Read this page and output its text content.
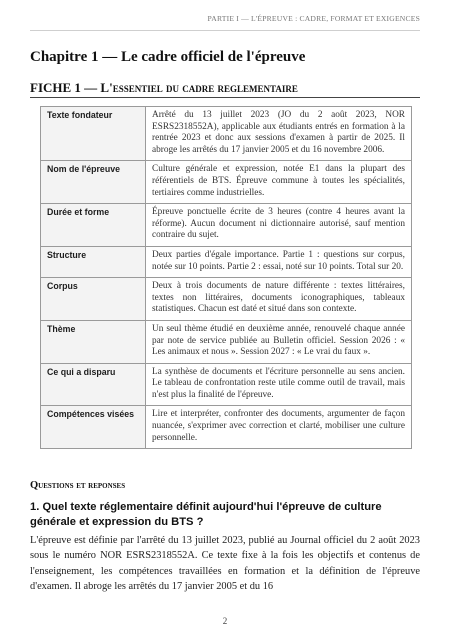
PARTIE I — L'ÉPREUVE : CADRE, FORMAT ET EXIGENCES
Chapitre 1 — Le cadre officiel de l'épreuve
FICHE 1 — L'essentiel du cadre reglementaire
Texte fondateur	Arrêté du 13 juillet 2023 (JO du 2 août 2023, NOR ESRS2318552A), applicable aux étudiants entrés en formation à la rentrée 2023 et donc aux sessions d'examen à partir de 2025. Il abroge les arrêtés du 17 janvier 2005 et du 16 novembre 2006.
Nom de l'épreuve	Culture générale et expression, notée E1 dans la plupart des référentiels de BTS. Épreuve commune à toutes les spécialités, tertiaires comme industrielles.
Durée et forme	Épreuve ponctuelle écrite de 3 heures (contre 4 heures avant la réforme). Aucun document ni dictionnaire autorisé, sauf mention contraire du sujet.
Structure	Deux parties d'égale importance. Partie 1 : questions sur corpus, notée sur 10 points. Partie 2 : essai, noté sur 10 points. Total sur 20.
Corpus	Deux à trois documents de nature différente : textes littéraires, textes non littéraires, documents iconographiques, tableaux statistiques. Chacun est daté et situé dans son contexte.
Thème	Un seul thème étudié en deuxième année, renouvelé chaque année par note de service publiée au Bulletin officiel. Session 2026 : « Les animaux et nous ». Session 2027 : « Le vrai du faux ».
Ce qui a disparu	La synthèse de documents et l'écriture personnelle au sens ancien. Le tableau de confrontation reste utile comme outil de travail, mais n'est plus la finalité de l'épreuve.
Compétences visées	Lire et interpréter, confronter des documents, argumenter de façon nuancée, s'exprimer avec correction et clarté, mobiliser une culture personnelle.
Questions et reponses
1. Quel texte réglementaire définit aujourd'hui l'épreuve de culture générale et expression du BTS ?
L'épreuve est définie par l'arrêté du 13 juillet 2023, publié au Journal officiel du 2 août 2023 sous le numéro NOR ESRS2318552A. Ce texte fixe à la fois les objectifs et contenus de l'enseignement, les compétences travaillées en formation et la définition de l'épreuve d'examen. Il abroge les arrêtés du 17 janvier 2005 et du 16
2
